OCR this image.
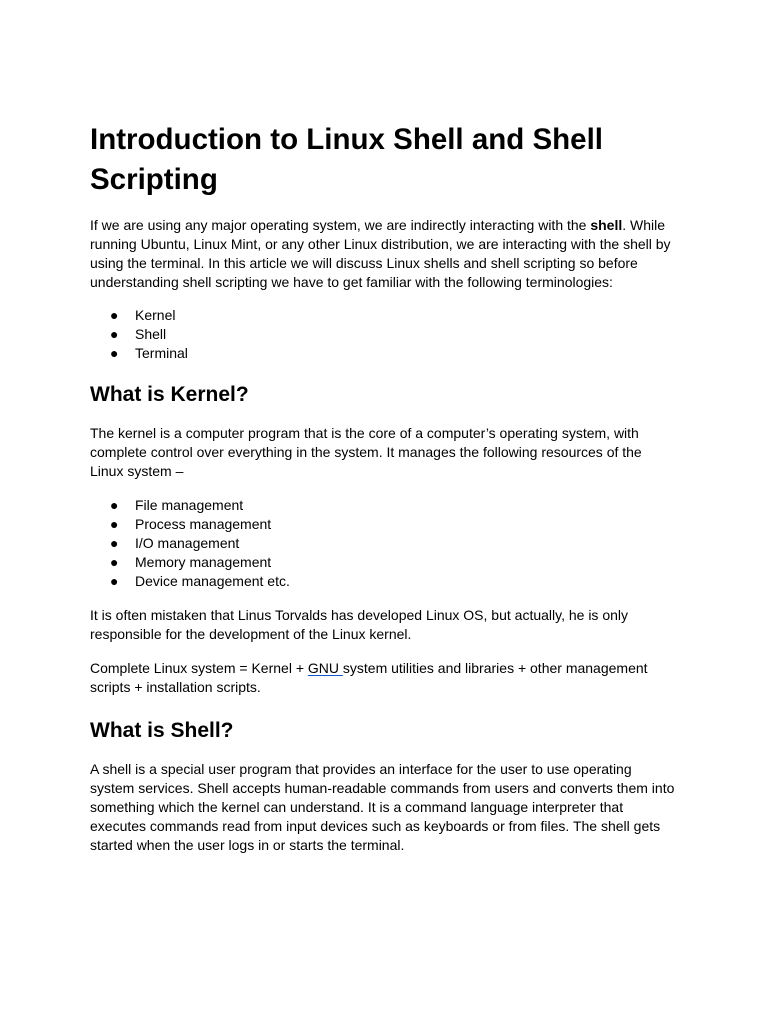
Introduction to Linux Shell and Shell Scripting

If we are using any major operating system, we are indirectly interacting with the shell. While running Ubuntu, Linux Mint, or any other Linux distribution, we are interacting with the shell by using the terminal. In this article we will discuss Linux shells and shell scripting so before understanding shell scripting we have to get familiar with the following terminologies:

● Kernel
● Shell
● Terminal
What is Kernel?

The kernel is a computer program that is the core of a computer’s operating system, with complete control over everything in the system. It manages the following resources of the Linux system –

● File management
● Process management
● I/O management
● Memory management
● Device management etc.

It is often mistaken that Linus Torvalds has developed Linux OS, but actually, he is only responsible for the development of the Linux kernel.

Complete Linux system = Kernel + GNU system utilities and libraries + other management scripts + installation scripts.

What is Shell?

A shell is a special user program that provides an interface for the user to use operating system services. Shell accepts human-readable commands from users and converts them into something which the kernel can understand. It is a command language interpreter that executes commands read from input devices such as keyboards or from files. The shell gets started when the user logs in or starts the terminal.
